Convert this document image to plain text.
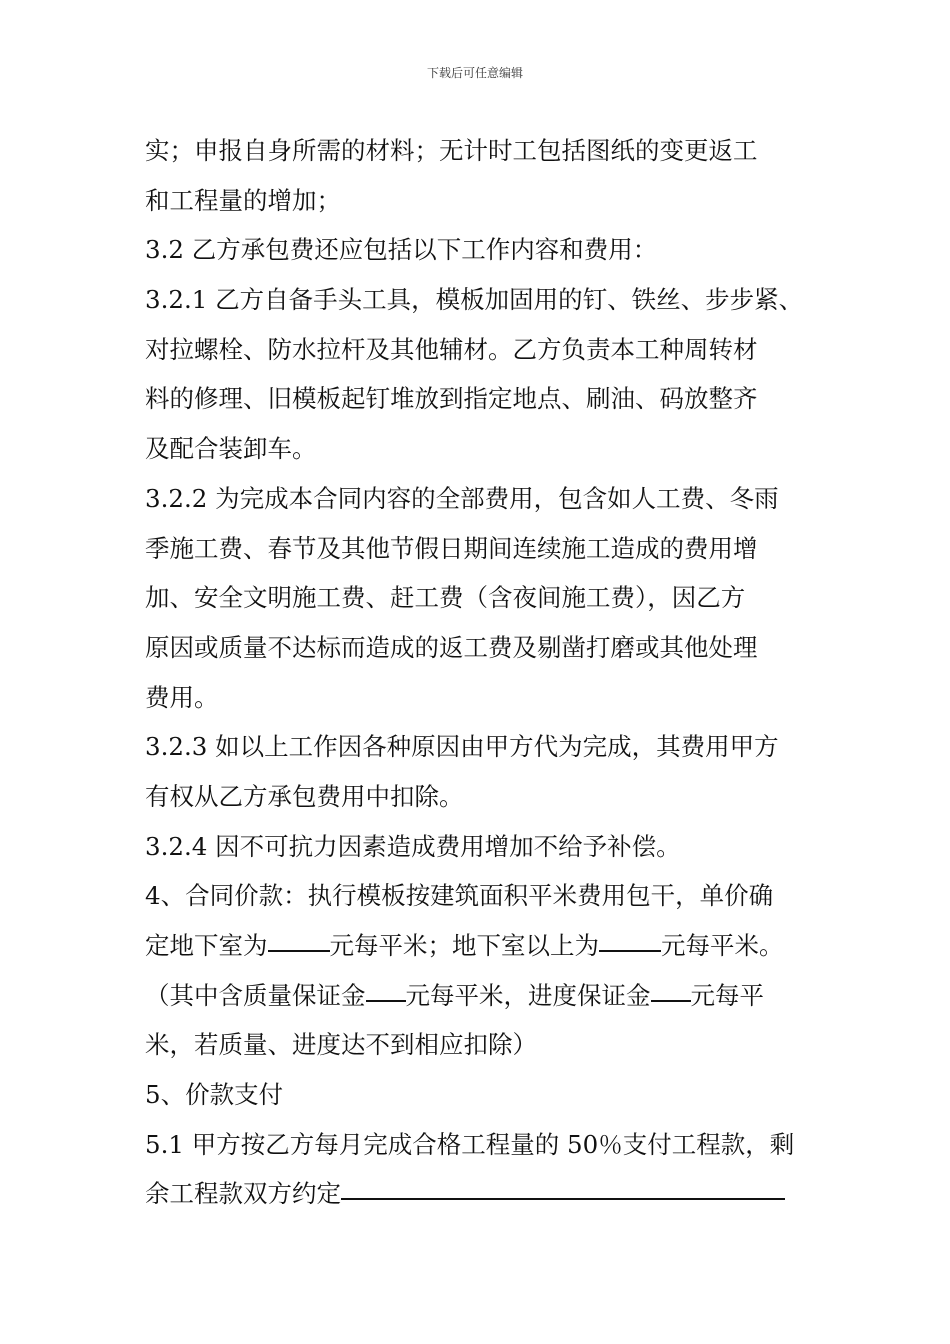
下载后可任意编辑
实；申报自身所需的材料；无计时工包括图纸的变更返工
和工程量的增加；
3.2 乙方承包费还应包括以下工作内容和费用：
3.2.1 乙方自备手头工具，模板加固用的钉、铁丝、步步紧、
对拉螺栓、防水拉杆及其他辅材。乙方负责本工种周转材
料的修理、旧模板起钉堆放到指定地点、刷油、码放整齐
及配合装卸车。
3.2.2 为完成本合同内容的全部费用，包含如人工费、冬雨
季施工费、春节及其他节假日期间连续施工造成的费用增
加、安全文明施工费、赶工费（含夜间施工费），因乙方
原因或质量不达标而造成的返工费及剔凿打磨或其他处理
费用。
3.2.3 如以上工作因各种原因由甲方代为完成，其费用甲方
有权从乙方承包费用中扣除。
3.2.4 因不可抗力因素造成费用增加不给予补偿。
4、合同价款：执行模板按建筑面积平米费用包干，单价确
定地下室为	元每平米；地下室以上为	元每平米。
（其中含质量保证金 元每平米，进度保证金 元每平
米，若质量、进度达不到相应扣除）
5、价款支付
5.1 甲方按乙方每月完成合格工程量的 50％支付工程款，剩
余工程款双方约定
